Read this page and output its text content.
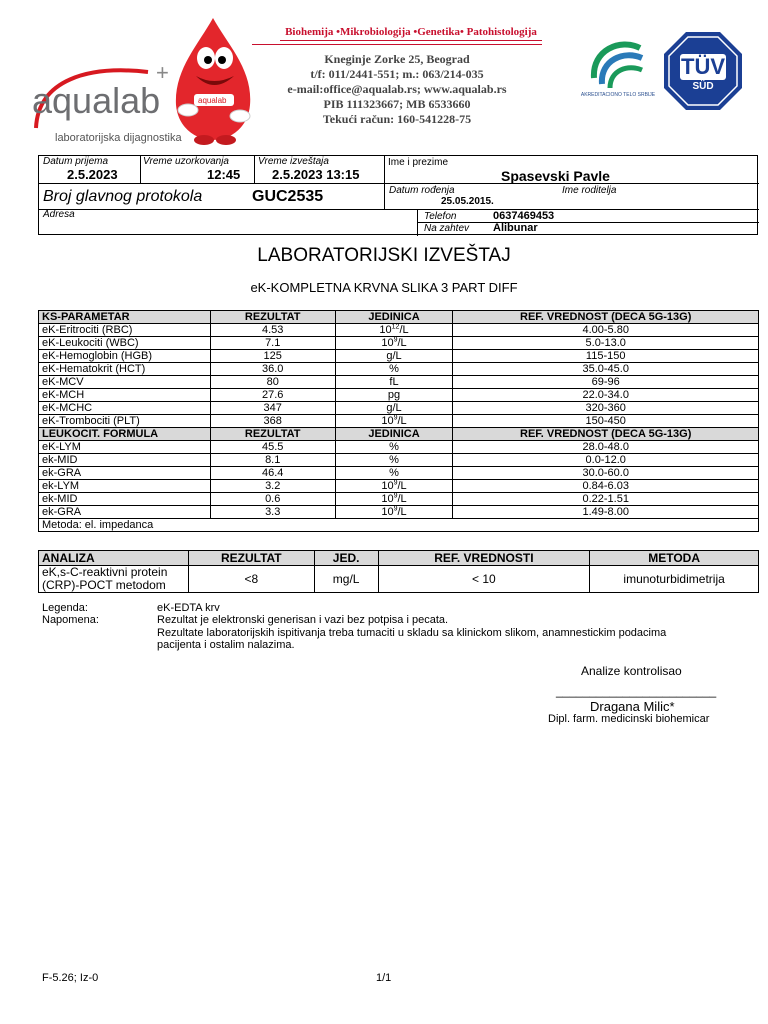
+
aqualab
aqualab
laboratorijska dijagnostika
Biohemija •Mikrobiologija •Genetika• Patohistologija
Kneginje Zorke 25, Beograd
t/f: 011/2441-551; m.: 063/214-035
e-mail:office@aqualab.rs; www.aqualab.rs
PIB 111323667; MB 6533660
Tekući račun: 160-541228-75
AKREDITACIONO TELO SRBIJE
TÜV
SÜD
Datum prijema
2.5.2023
Vreme uzorkovanja
12:45
Vreme izveštaja
2.5.2023 13:15
Ime i prezime
Spasevski Pavle
Broj glavnog protokola	GUC2535	Datum rođenja
25.05.2015.
Ime roditelja
Adresa	Telefon	0637469453
Na zahtev Alibunar
LABORATORIJSKI IZVEŠTAJ
eK-KOMPLETNA KRVNA SLIKA 3 PART DIFF
KS-PARAMETAR	REZULTAT	JEDINICA	REF. VREDNOST (DECA 5G-13G)
eK-Eritrociti (RBC)	4.53	$10^{12}/L$	4.00-5.80
eK-Leukociti (WBC)	7.1	$10^9/L$	5.0-13.0
eK-Hemoglobin (HGB)	125	g/L	115-150
eK-Hematokrit (HCT)	36.0	%	35.0-45.0
eK-MCV	80	fL	69-96
eK-MCH	27.6	pg	22.0-34.0
eK-MCHC	347	g/L	320-360
eK-Trombociti (PLT)	368	$10^9/L$	150-450
LEUKOCIT. FORMULA	REZULTAT	JEDINICA	REF. VREDNOST (DECA 5G-13G)
eK-LYM	45.5	%	28.0-48.0
ek-MID	8.1	%	0.0-12.0
ek-GRA	46.4	%	30.0-60.0
ek-LYM	3.2	$10^9/L$	0.84-6.03
ek-MID	0.6	$10^9/L$	0.22-1.51
ek-GRA	3.3	$10^9/L$	1.49-8.00
Metoda: el. impedanca			
ANALIZA	REZULTAT	JED.	REF. VREDNOSTI	METODA

eK,s-C-reaktivni protein
(CRP)-POCT metodom	<8	mg/L	< 10	imunoturbidimetrija
Legenda:	eK-EDTA krv
Napomena:	Rezultat je elektronski generisan i vazi bez potpisa i pecata.
Rezultate laboratorijskih ispitivanja treba tumaciti u skladu sa klinickom slikom, anamnestickim podacima
pacijenta i ostalim nalazima.
Analize kontrolisao
________________________
Dragana Milic*
Dipl. farm. medicinski biohemicar
F-5.26; Iz-0	1/1
